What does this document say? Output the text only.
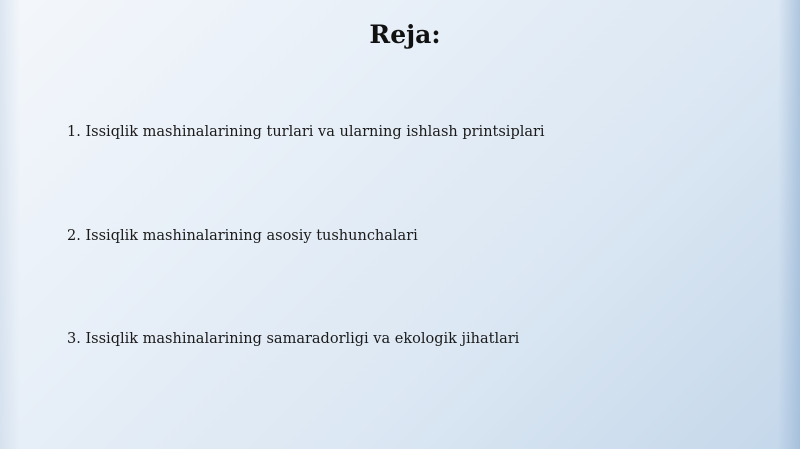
Reja:

1. Issiqlik mashinalarining turlari va ularning ishlash printsiplari

2. Issiqlik mashinalarining asosiy tushunchalari

3. Issiqlik mashinalarining samaradorligi va ekologik jihatlari
